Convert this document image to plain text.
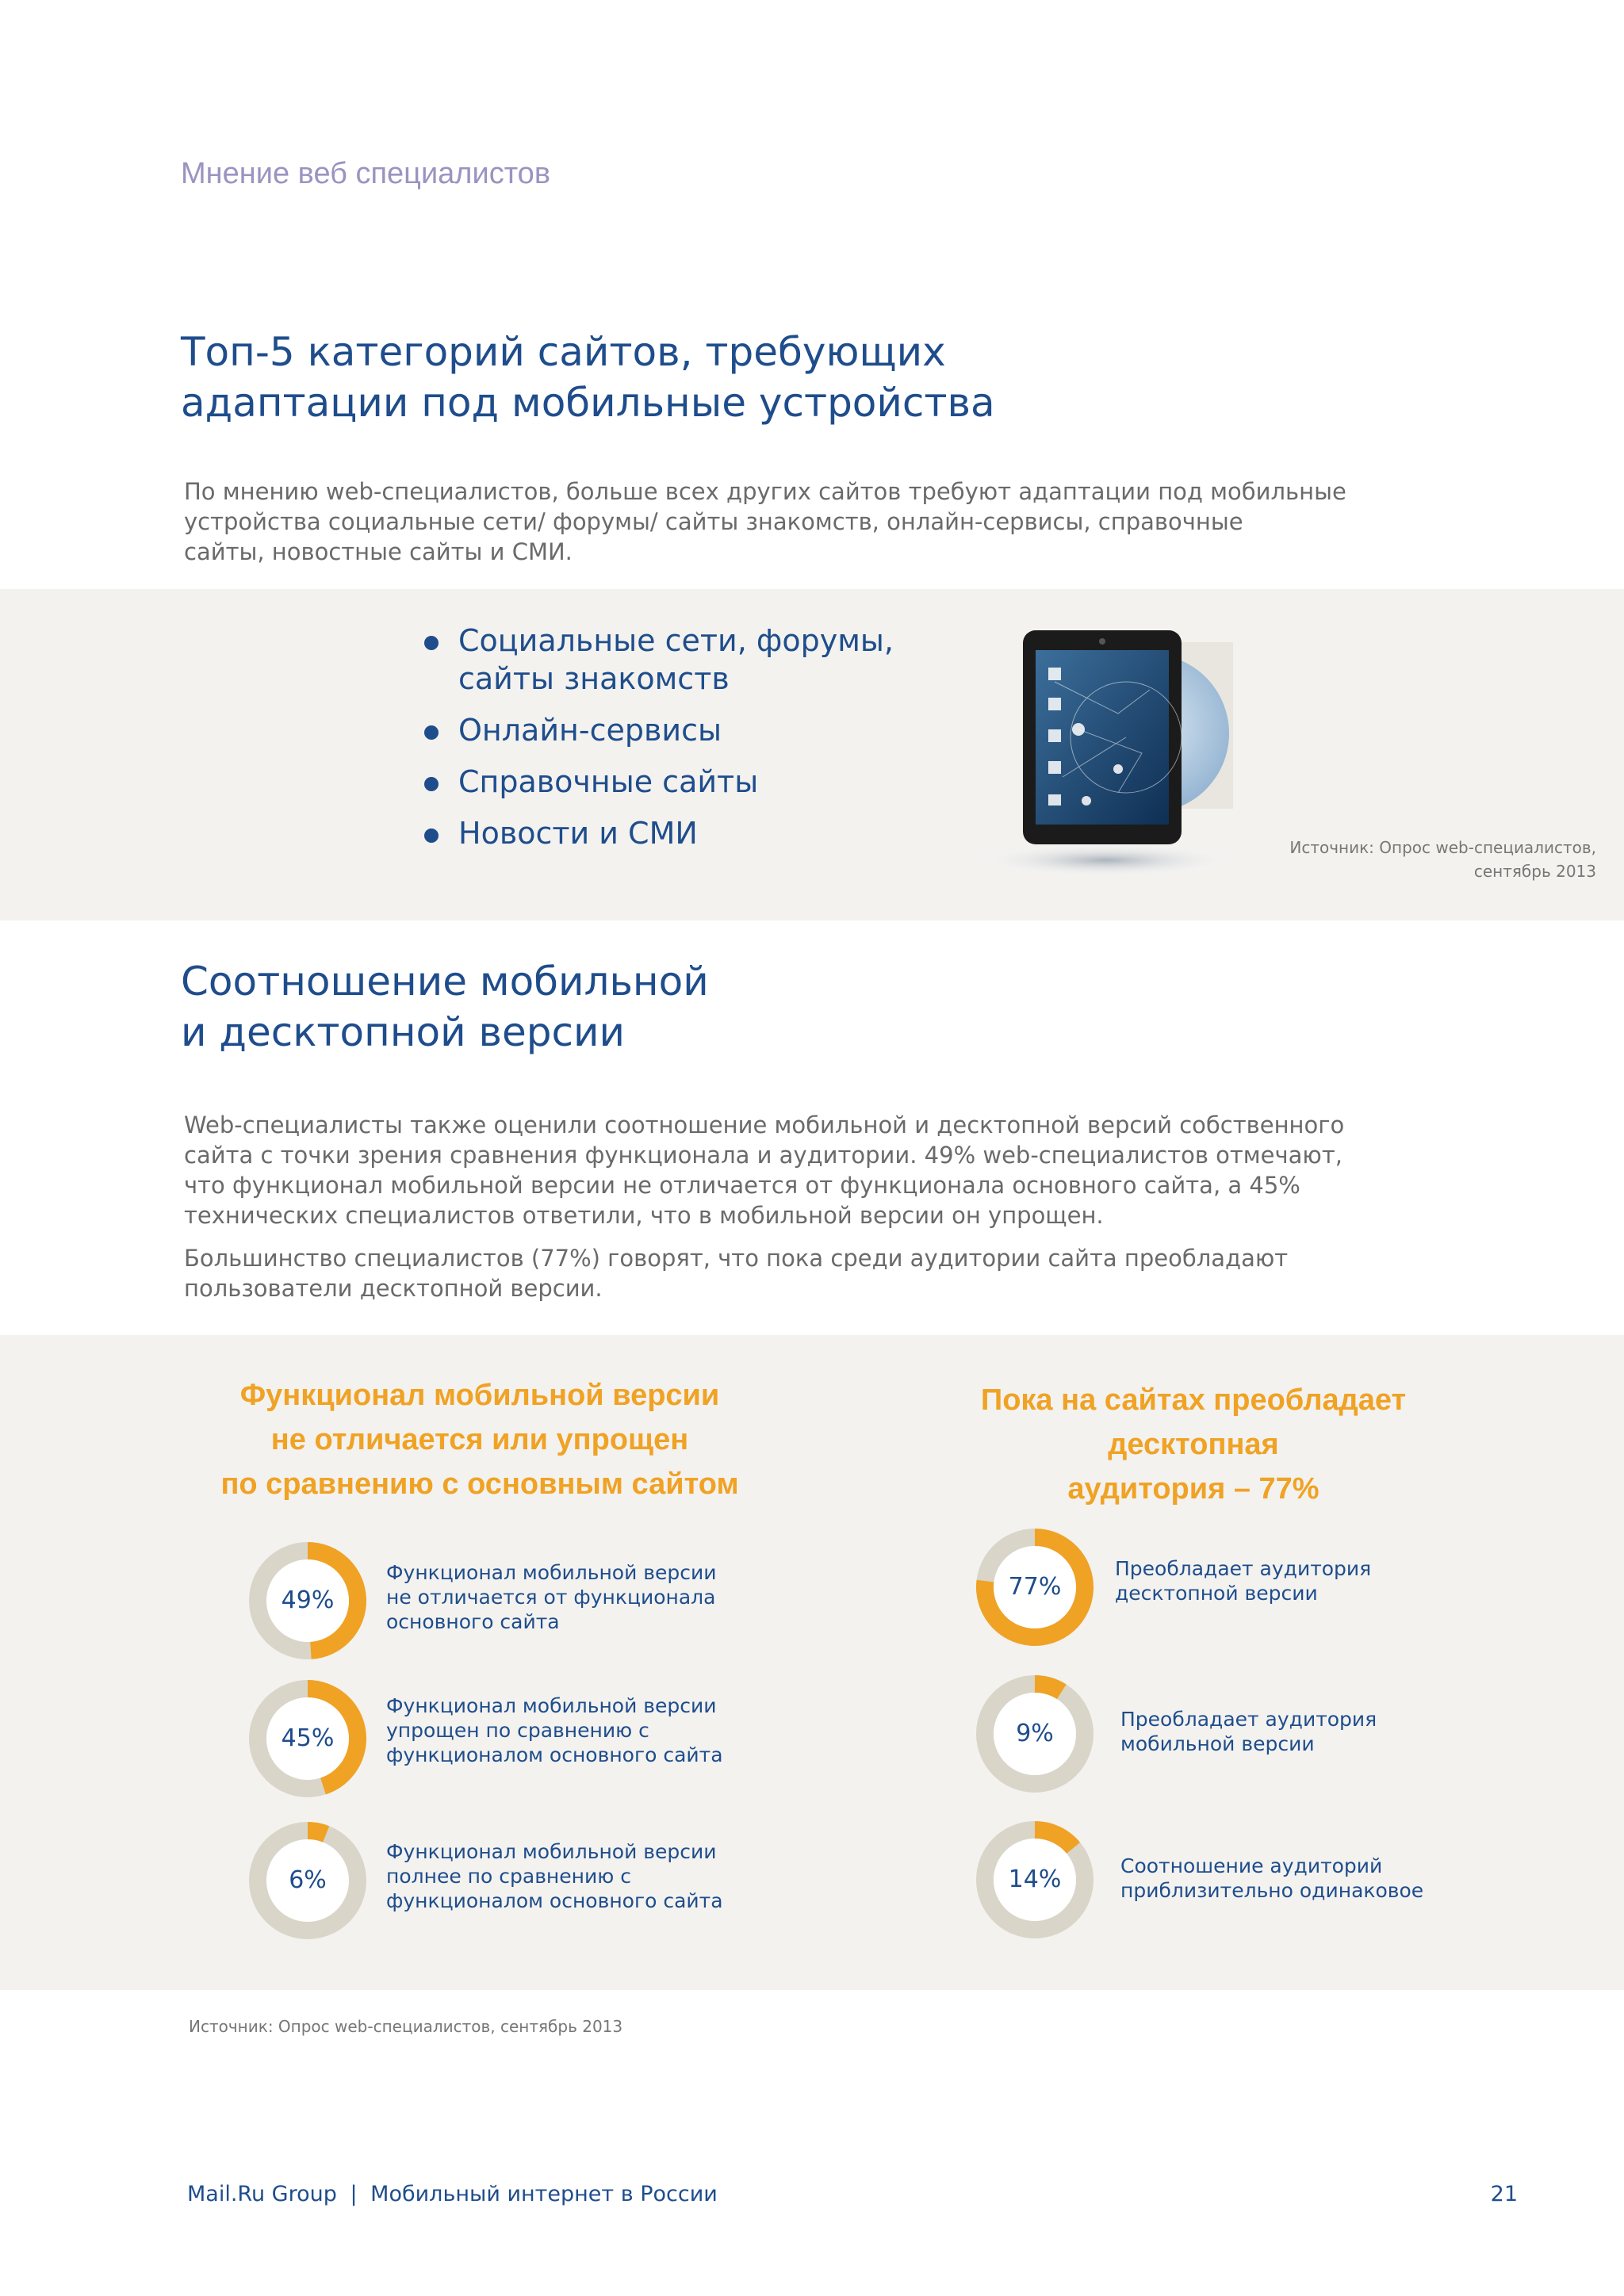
Мнение веб специалистов
Топ-5 категорий сайтов, требующих
адаптации под мобильные устройства
По мнению web-специалистов, больше всех других сайтов требуют адаптации под мобильные
устройства социальные сети/ форумы/ сайты знакомств, онлайн-сервисы, справочные
сайты, новостные сайты и СМИ.
Социальные сети, форумы,
сайты знакомств
Онлайн-сервисы
Справочные сайты
Новости и СМИ	Источник: Опрос web-специалистов,
сентябрь 2013
Соотношение мобильной
и десктопной версии

Web-специалисты также оценили соотношение мобильной и десктопной версий собственного
сайта с точки зрения сравнения функционала и аудитории. 49% web-специалистов отмечают,
что функционал мобильной версии не отличается от функционала основного сайта, а 45%
технических специалистов ответили, что в мобильной версии он упрощен.

Большинство специалистов (77%) говорят, что пока среди аудитории сайта преобладают
пользователи десктопной версии.

Функционал мобильной версии
не отличается или упрощен
по сравнению с основным сайтом
Пока на сайтах преобладает
десктопная
аудитория – 77%
49%
Функционал мобильной версии
не отличается от функционала
основного сайта
45%
Функционал мобильной версии
упрощен по сравнению с
функционалом основного сайта
6%
Функционал мобильной версии
полнее по сравнению с
функционалом основного сайта
77%
Преобладает аудитория
десктопной версии
9%
Преобладает аудитория
мобильной версии
14%	Соотношение аудиторий
приблизительно одинаковое
Источник: Опрос web-специалистов, сентябрь 2013
Mail.Ru Group | Мобильный интернет в России	21
